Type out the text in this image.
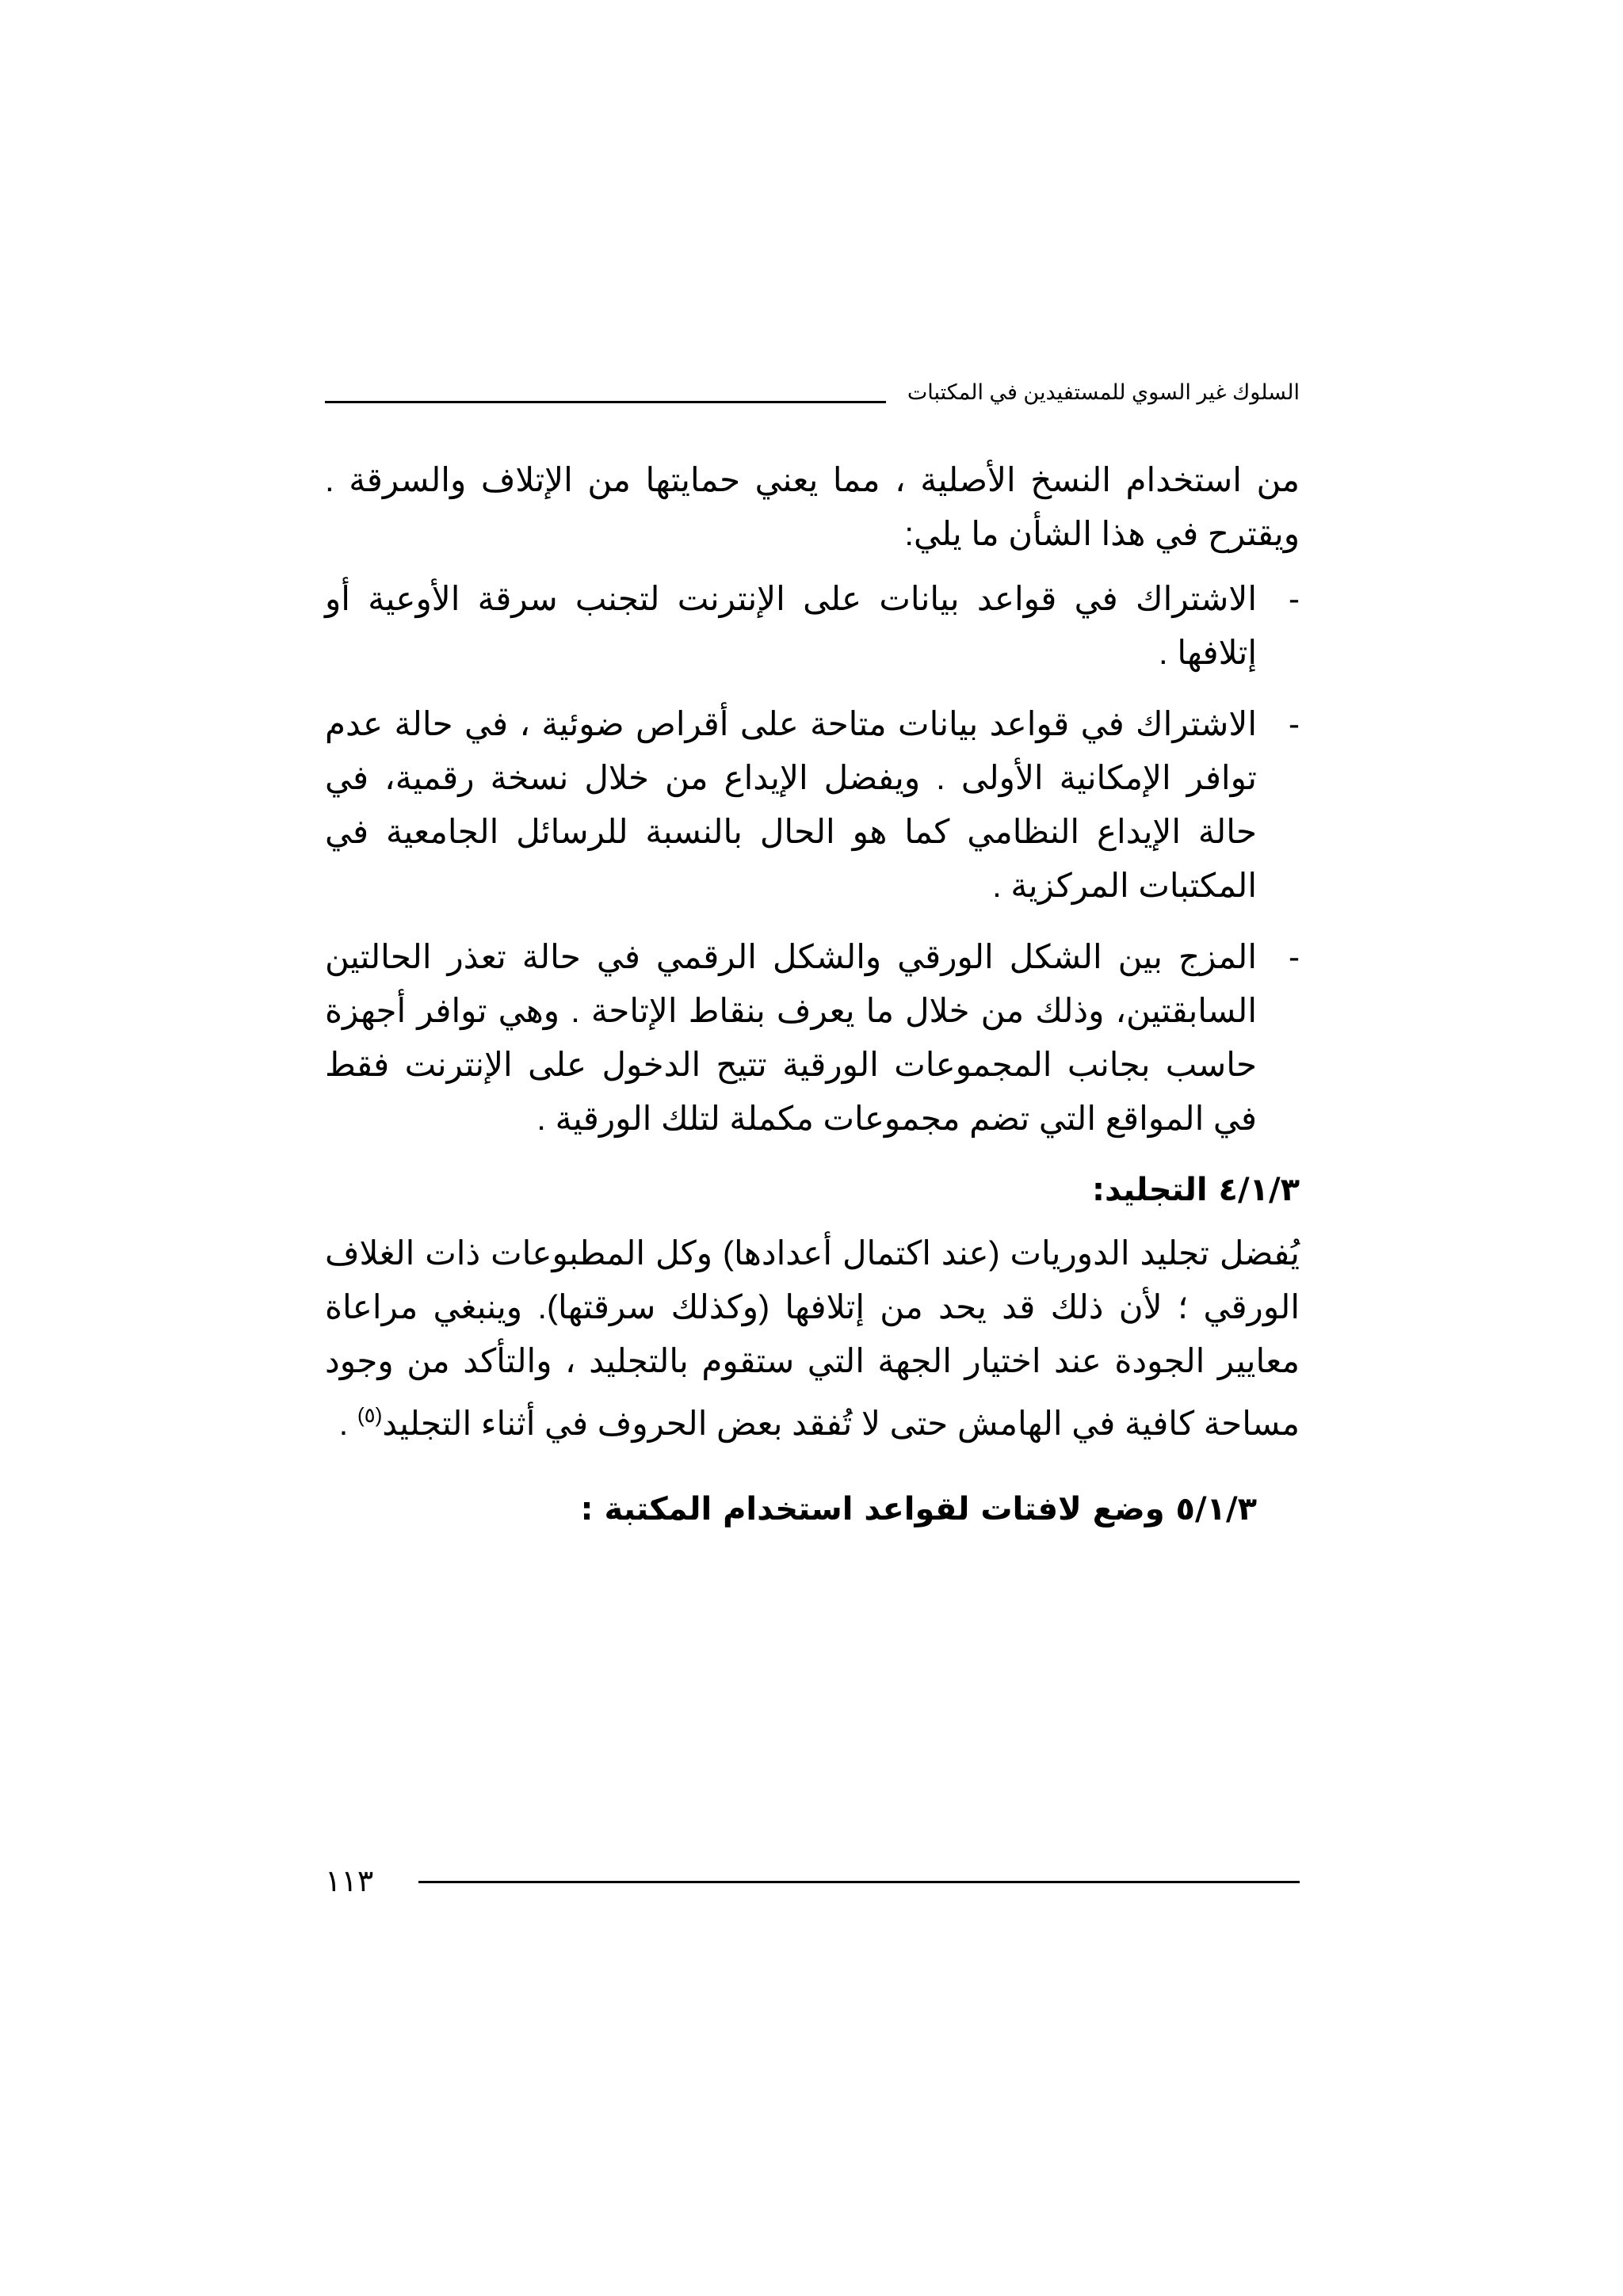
السلوك غير السوي للمستفيدين في المكتبات

من استخدام النسخ الأصلية ، مما يعني حمايتها من الإتلاف والسرقة . ويقترح في هذا الشأن ما يلي:

-
الاشتراك في قواعد بيانات على الإنترنت لتجنب سرقة الأوعية أو إتلافها .
-
الاشتراك في قواعد بيانات متاحة على أقراص ضوئية ، في حالة عدم توافر الإمكانية الأولى . ويفضل الإيداع من خلال نسخة رقمية، في حالة الإيداع النظامي كما هو الحال بالنسبة للرسائل الجامعية في المكتبات المركزية .
-
المزج بين الشكل الورقي والشكل الرقمي في حالة تعذر الحالتين السابقتين، وذلك من خلال ما يعرف بنقاط الإتاحة . وهي توافر أجهزة حاسب بجانب المجموعات الورقية تتيح الدخول على الإنترنت فقط في المواقع التي تضم مجموعات مكملة لتلك الورقية .
٤/١/٣ التجليد:

يُفضل تجليد الدوريات (عند اكتمال أعدادها) وكل المطبوعات ذات الغلاف الورقي ؛ لأن ذلك قد يحد من إتلافها (وكذلك سرقتها). وينبغي مراعاة معايير الجودة عند اختيار الجهة التي ستقوم بالتجليد ، والتأكد من وجود مساحة كافية في الهامش حتى لا تُفقد بعض الحروف في أثناء التجليد$^{(٥)}$ .

٥/١/٣ وضع لافتات لقواعد استخدام المكتبة :
١١٣
